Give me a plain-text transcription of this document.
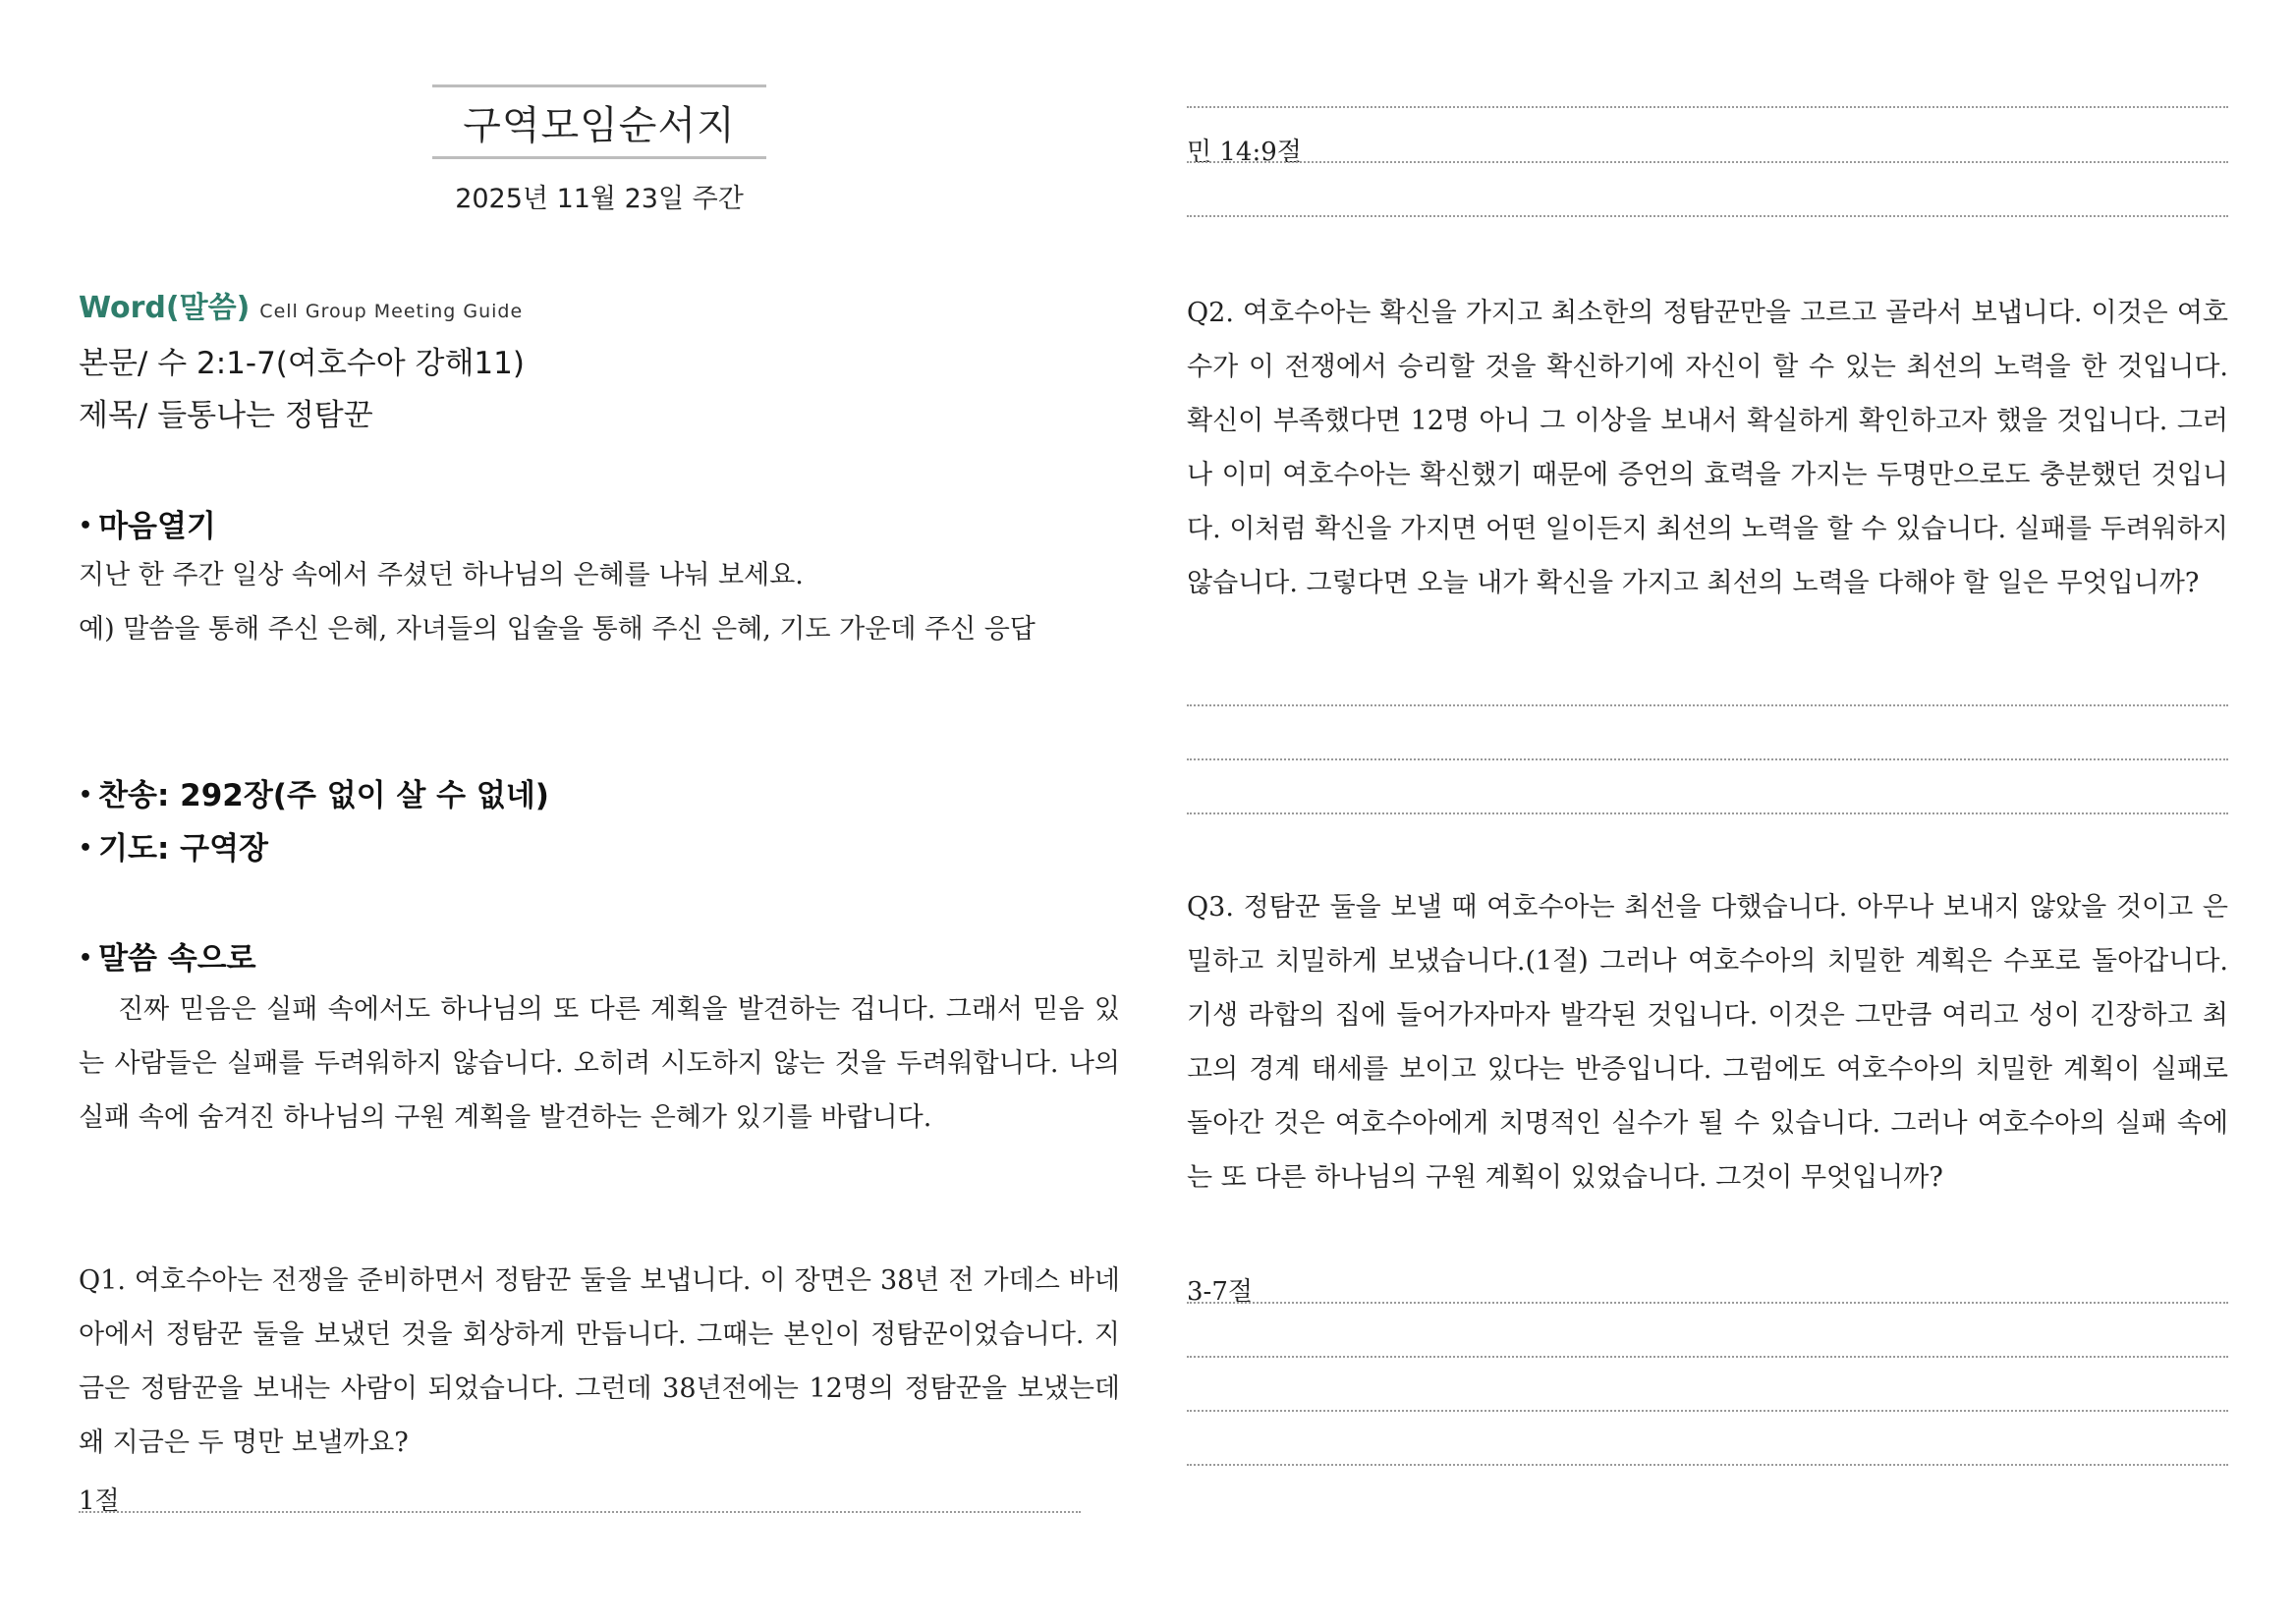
구역모임순서지
2025년 11월 23일 주간
Word(말씀) Cell Group Meeting Guide
본문/ 수 2:1-7(여호수아 강해11)
제목/ 들통나는 정탐꾼
• 마음열기
지난 한 주간 일상 속에서 주셨던 하나님의 은혜를 나눠 보세요.
예) 말씀을 통해 주신 은혜, 자녀들의 입술을 통해 주신 은혜, 기도 가운데 주신 응답
• 찬송: 292장(주 없이 살 수 없네)
• 기도: 구역장
• 말씀 속으로
진짜 믿음은 실패 속에서도 하나님의 또 다른 계획을 발견하는 겁니다. 그래서 믿음 있는 사람들은 실패를 두려워하지 않습니다. 오히려 시도하지 않는 것을 두려워합니다. 나의 실패 속에 숨겨진 하나님의 구원 계획을 발견하는 은혜가 있기를 바랍니다.
Q1. 여호수아는 전쟁을 준비하면서 정탐꾼 둘을 보냅니다. 이 장면은 38년 전 가데스 바네아에서 정탐꾼 둘을 보냈던 것을 회상하게 만듭니다. 그때는 본인이 정탐꾼이었습니다. 지금은 정탐꾼을 보내는 사람이 되었습니다. 그런데 38년전에는 12명의 정탐꾼을 보냈는데 왜 지금은 두 명만 보낼까요?
1절
민 14:9절
Q2. 여호수아는 확신을 가지고 최소한의 정탐꾼만을 고르고 골라서 보냅니다. 이것은 여호수가 이 전쟁에서 승리할 것을 확신하기에 자신이 할 수 있는 최선의 노력을 한 것입니다. 확신이 부족했다면 12명 아니 그 이상을 보내서 확실하게 확인하고자 했을 것입니다. 그러나 이미 여호수아는 확신했기 때문에 증언의 효력을 가지는 두명만으로도 충분했던 것입니다. 이처럼 확신을 가지면 어떤 일이든지 최선의 노력을 할 수 있습니다. 실패를 두려워하지 않습니다. 그렇다면 오늘 내가 확신을 가지고 최선의 노력을 다해야 할 일은 무엇입니까?
Q3. 정탐꾼 둘을 보낼 때 여호수아는 최선을 다했습니다. 아무나 보내지 않았을 것이고 은밀하고 치밀하게 보냈습니다.(1절) 그러나 여호수아의 치밀한 계획은 수포로 돌아갑니다. 기생 라합의 집에 들어가자마자 발각된 것입니다. 이것은 그만큼 여리고 성이 긴장하고 최고의 경계 태세를 보이고 있다는 반증입니다. 그럼에도 여호수아의 치밀한 계획이 실패로 돌아간 것은 여호수아에게 치명적인 실수가 될 수 있습니다. 그러나 여호수아의 실패 속에는 또 다른 하나님의 구원 계획이 있었습니다. 그것이 무엇입니까?
3-7절
